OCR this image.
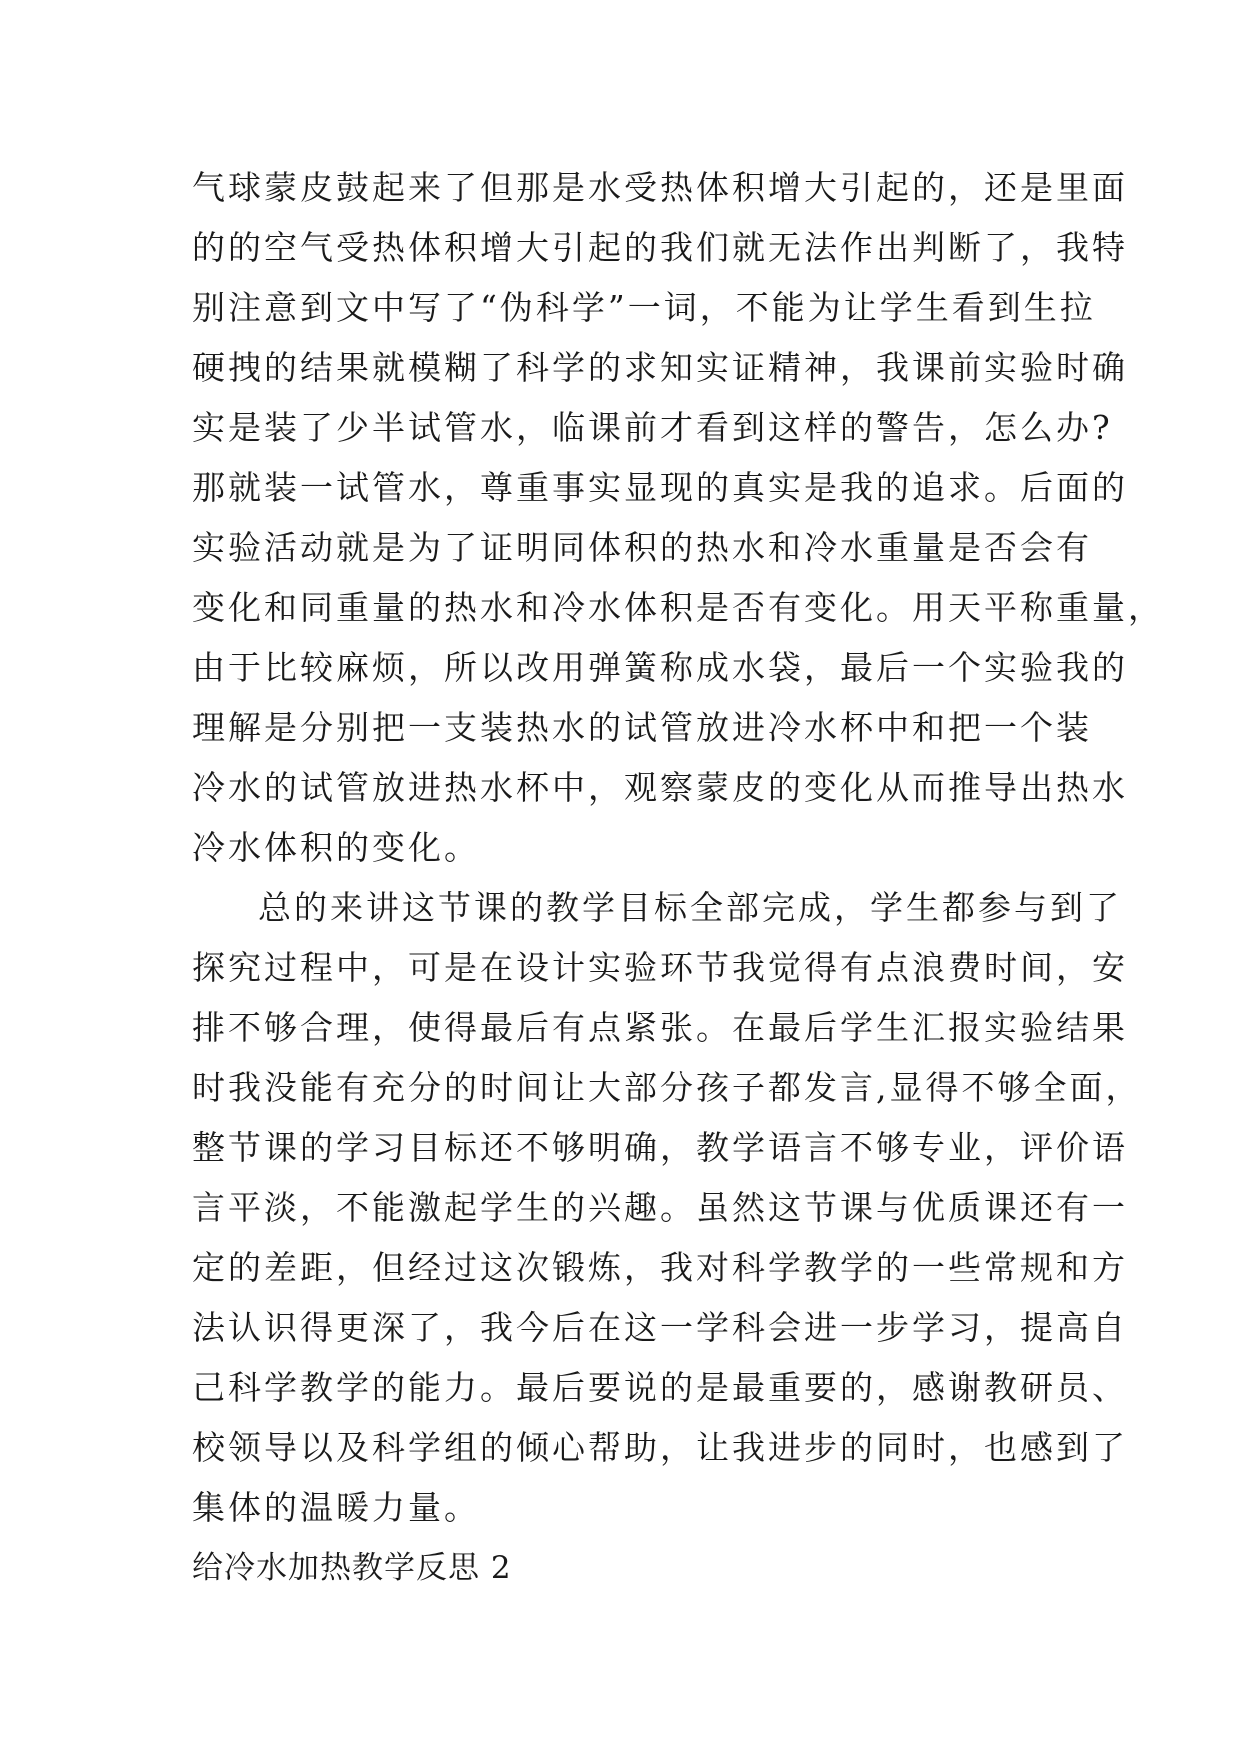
气球蒙皮鼓起来了但那是水受热体积增大引起的，还是里面
的的空气受热体积增大引起的我们就无法作出判断了，我特
别注意到文中写了“伪科学”一词，不能为让学生看到生拉
硬拽的结果就模糊了科学的求知实证精神，我课前实验时确
实是装了少半试管水，临课前才看到这样的警告，怎么办?
那就装一试管水，尊重事实显现的真实是我的追求。后面的
实验活动就是为了证明同体积的热水和冷水重量是否会有
变化和同重量的热水和冷水体积是否有变化。用天平称重量，
由于比较麻烦，所以改用弹簧称成水袋，最后一个实验我的
理解是分别把一支装热水的试管放进冷水杯中和把一个装
冷水的试管放进热水杯中，观察蒙皮的变化从而推导出热水
冷水体积的变化。
总的来讲这节课的教学目标全部完成，学生都参与到了
探究过程中，可是在设计实验环节我觉得有点浪费时间，安
排不够合理，使得最后有点紧张。在最后学生汇报实验结果
时我没能有充分的时间让大部分孩子都发言,显得不够全面，
整节课的学习目标还不够明确，教学语言不够专业，评价语
言平淡，不能激起学生的兴趣。虽然这节课与优质课还有一
定的差距，但经过这次锻炼，我对科学教学的一些常规和方
法认识得更深了，我今后在这一学科会进一步学习，提高自
己科学教学的能力。最后要说的是最重要的，感谢教研员、
校领导以及科学组的倾心帮助，让我进步的同时，也感到了
集体的温暖力量。
给冷水加热教学反思 2
